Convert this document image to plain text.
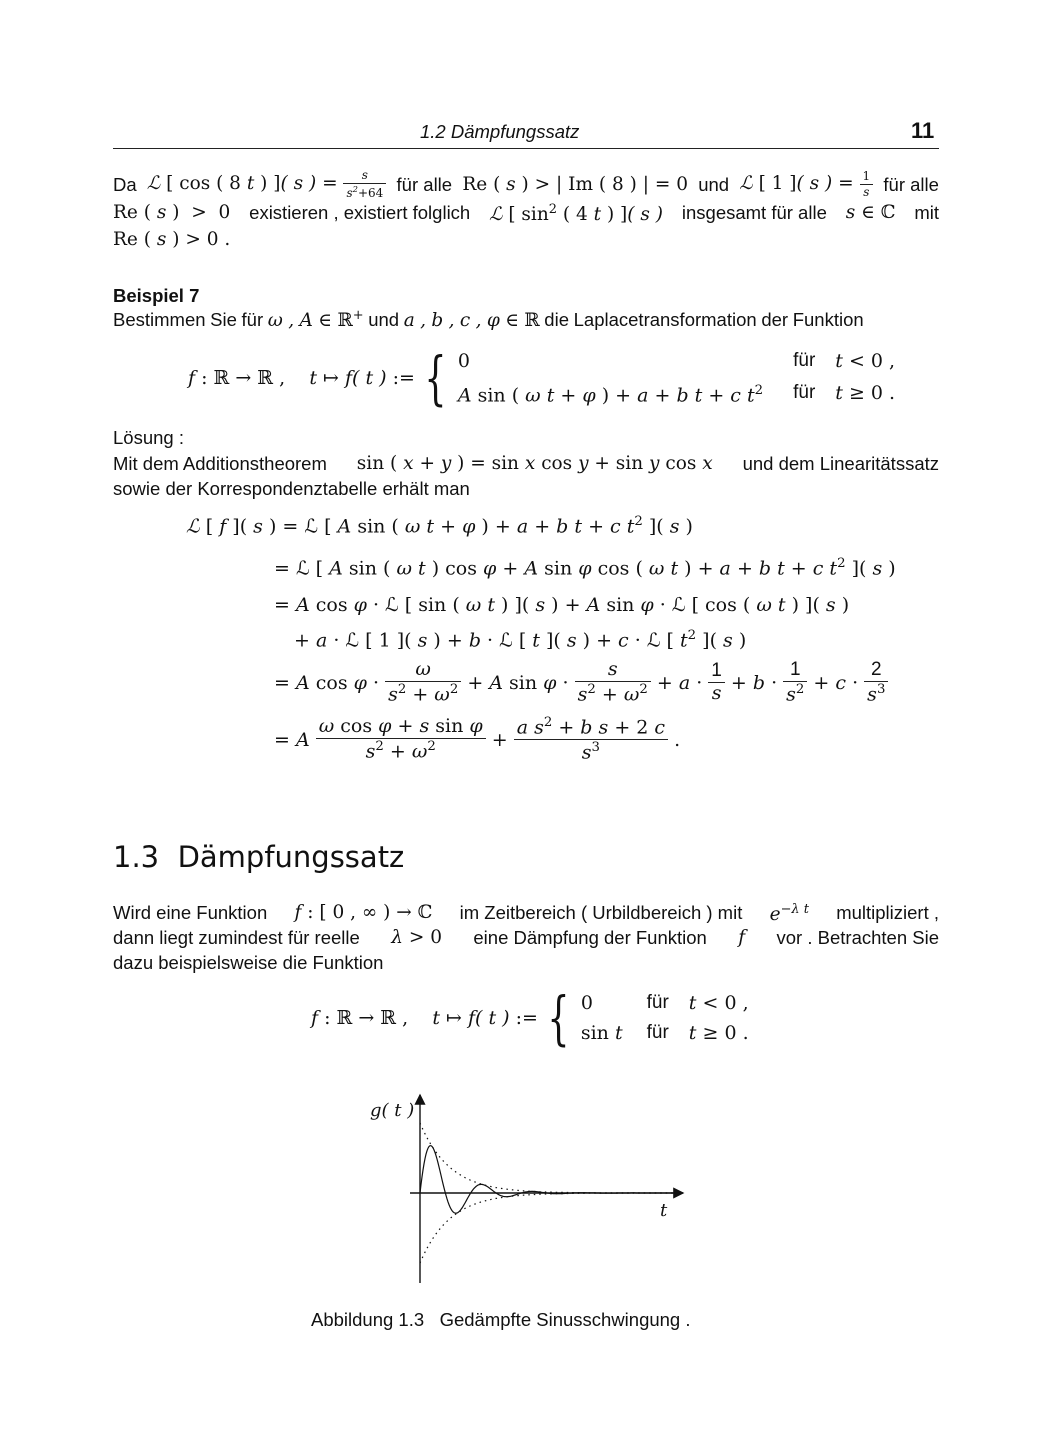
1.2 Dämpfungssatz	11
Da ℒ [ cos ( 8 t ) ]( s ) = $\frac{s}{s^2+64}$ für alle Re ( s ) > | Im ( 8 ) | = 0 und ℒ [ 1 ]( s ) = $\frac{1}{s}$ für alle
Re ( s )  >  0 existieren , existiert folglich ℒ [ $\sin^2$ ( 4 t ) ]( s ) insgesamt für alle s ∈ ℂ mit
Re ( s ) > 0 .
Beispiel 7
Bestimmen Sie für ω , A ∈ ℝ+ und a , b , c , φ ∈ ℝ die Laplacetransformation der Funktion
f : ℝ → ℝ ,    t ↦ f( t ) := { 0	für	t < 0 ,
A sin ( ω t + φ ) + a + b t + c $t^2$	für	t ≥ 0 .
Lösung :
Mit dem Additionstheorem sin ( x + y ) = sin x cos y + sin y cos x und dem Linearitätssatz
sowie der Korrespondenztabelle erhält man
ℒ [ f ]( s ) = ℒ [ A sin ( ω t + φ ) + a + b t + c $t^2$ ]( s )
= ℒ [ A sin ( ω t ) cos φ + A sin φ cos ( ω t ) + a + b t + c $t^2$ ]( s )
= A cos φ · ℒ [ sin ( ω t ) ]( s ) + A sin φ · ℒ [ cos ( ω t ) ]( s )
+ a · ℒ [ 1 ]( s ) + b · ℒ [ t ]( s ) + c · ℒ [ $t^2$ ]( s )
= A $\cos \varphi \cdot \frac{\omega}{s^2 + \omega^2} + A$ $\sin \varphi \cdot \frac{s}{s^2 + \omega^2} + a \cdot \frac{1}{s} + b \cdot \frac{1}{s^2} + c \cdot \frac{2}{s^3}$
= A $\frac{\text{ω cos φ + s sin φ}}{s^2 + \omega^2} + \frac{a s^2 + b s + 2 c}{s^3}$ .
1.3 Dämpfungssatz
Wird eine Funktion f : [ 0 , ∞ ) → ℂ im Zeitbereich ( Urbildbereich ) mit $e^{-\lambda t}$ multipliziert ,
dann liegt zumindest für reelle λ > 0 eine Dämpfung der Funktion f vor . Betrachten Sie
dazu beispielsweise die Funktion
f : ℝ → ℝ ,    t ↦ f( t ) := { 0	für	t < 0 ,
sin t	für	t ≥ 0 .
g( t )
t
Abbildung 1.3 Gedämpfte Sinusschwingung .
